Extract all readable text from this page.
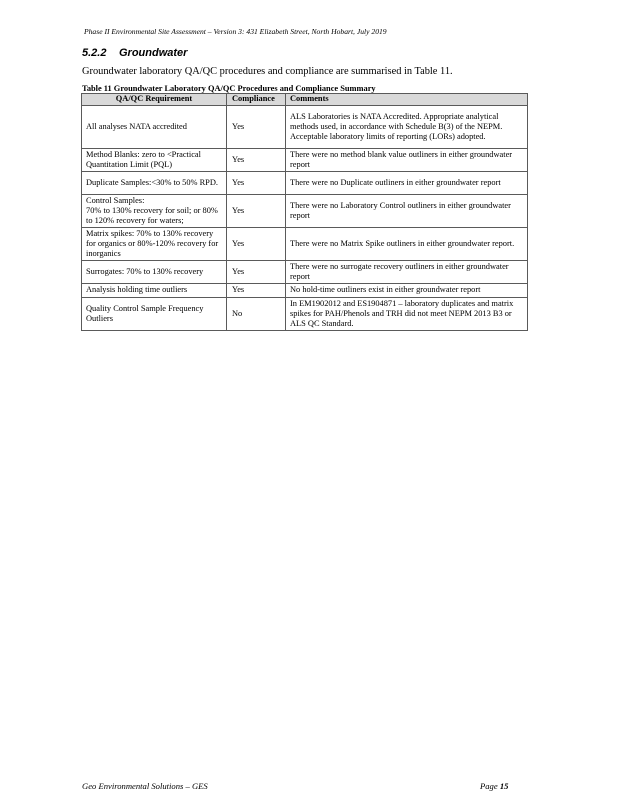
Phase II Environmental Site Assessment – Version 3: 431 Elizabeth Street, North Hobart, July 2019
5.2.2 Groundwater
Groundwater laboratory QA/QC procedures and compliance are summarised in Table 11.
Table 11 Groundwater Laboratory QA/QC Procedures and Compliance Summary
QA/QC Requirement	Compliance	Comments
All analyses NATA accredited	Yes	ALS Laboratories is NATA Accredited. Appropriate analytical methods used, in accordance with Schedule B(3) of the NEPM. Acceptable laboratory limits of reporting (LORs) adopted.
Method Blanks: zero to <Practical Quantitation Limit (PQL)	Yes	There were no method blank value outliners in either groundwater report
Duplicate Samples:<30% to 50% RPD.	Yes	There were no Duplicate outliners in either groundwater report
Control Samples:
70% to 130% recovery for soil; or 80% to 120% recovery for waters;	Yes	There were no Laboratory Control outliners in either groundwater report
Matrix spikes: 70% to 130% recovery for organics or 80%-120% recovery for inorganics	Yes	There were no Matrix Spike outliners in either groundwater report.
Surrogates: 70% to 130% recovery	Yes	There were no surrogate recovery outliners in either groundwater report
Analysis holding time outliers	Yes	No hold-time outliners exist in either groundwater report
Quality Control Sample Frequency Outliers	No	In EM1902012 and ES1904871 – laboratory duplicates and matrix spikes for PAH/Phenols and TRH did not meet NEPM 2013 B3 or ALS QC Standard.
Geo Environmental Solutions – GES	Page 15
